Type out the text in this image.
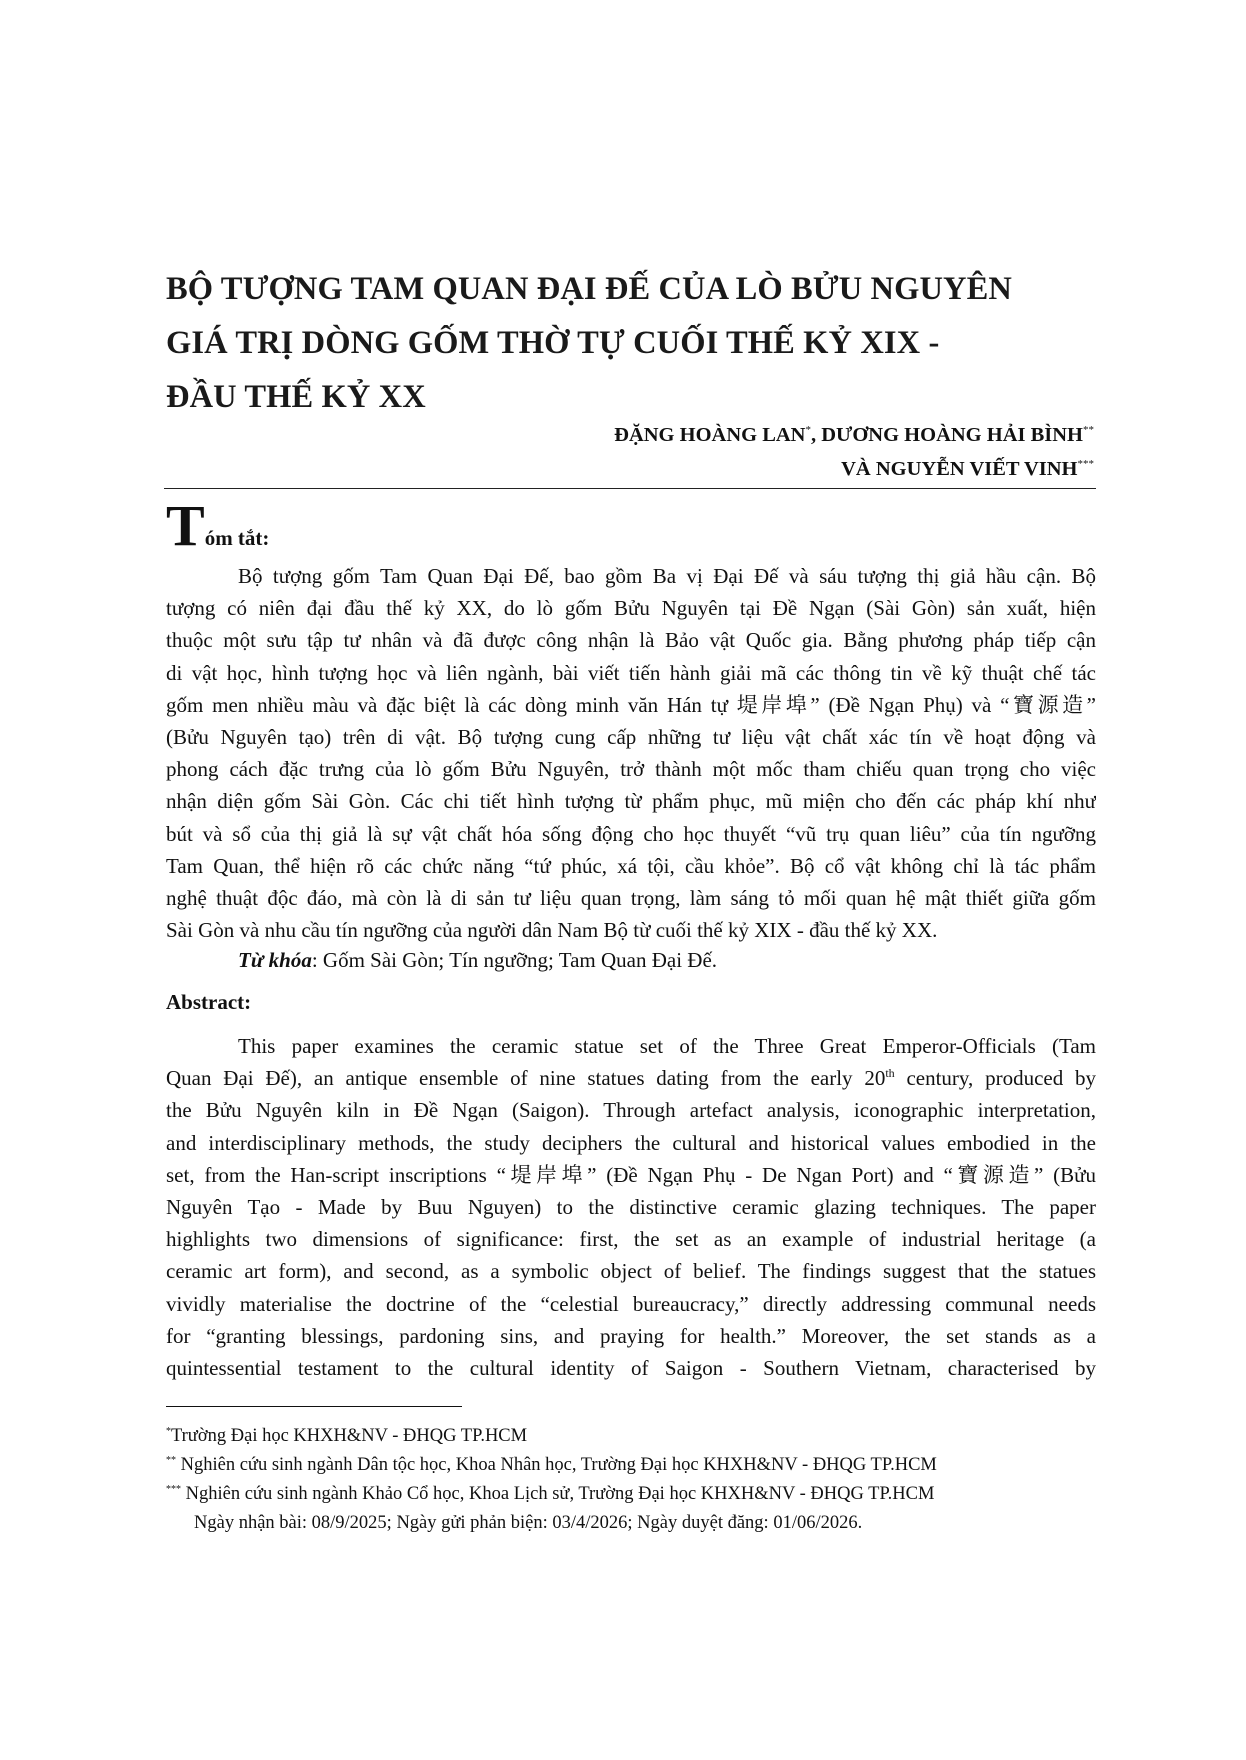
BỘ TƯỢNG TAM QUAN ĐẠI ĐẾ CỦA LÒ BỬU NGUYÊN
GIÁ TRỊ DÒNG GỐM THỜ TỰ CUỐI THẾ KỶ XIX -
ĐẦU THẾ KỶ XX
ĐẶNG HOÀNG LAN*, DƯƠNG HOÀNG HẢI BÌNH**
VÀ NGUYỄN VIẾT VINH***
Tóm tắt:
Bộ tượng gốm Tam Quan Đại Đế, bao gồm Ba vị Đại Đế và sáu tượng thị giả hầu cận. Bộ
tượng có niên đại đầu thế kỷ XX, do lò gốm Bửu Nguyên tại Đề Ngạn (Sài Gòn) sản xuất, hiện
thuộc một sưu tập tư nhân và đã được công nhận là Bảo vật Quốc gia. Bằng phương pháp tiếp cận
di vật học, hình tượng học và liên ngành, bài viết tiến hành giải mã các thông tin về kỹ thuật chế tác
gốm men nhiều màu và đặc biệt là các dòng minh văn Hán tự 堤岸埠” (Đề Ngạn Phụ) và “寶源造”
(Bửu Nguyên tạo) trên di vật. Bộ tượng cung cấp những tư liệu vật chất xác tín về hoạt động và
phong cách đặc trưng của lò gốm Bửu Nguyên, trở thành một mốc tham chiếu quan trọng cho việc
nhận diện gốm Sài Gòn. Các chi tiết hình tượng từ phẩm phục, mũ miện cho đến các pháp khí như
bút và sổ của thị giả là sự vật chất hóa sống động cho học thuyết “vũ trụ quan liêu” của tín ngưỡng
Tam Quan, thể hiện rõ các chức năng “tứ phúc, xá tội, cầu khỏe”. Bộ cổ vật không chỉ là tác phẩm
nghệ thuật độc đáo, mà còn là di sản tư liệu quan trọng, làm sáng tỏ mối quan hệ mật thiết giữa gốm
Sài Gòn và nhu cầu tín ngưỡng của người dân Nam Bộ từ cuối thế kỷ XIX - đầu thế kỷ XX.
Từ khóa: Gốm Sài Gòn; Tín ngưỡng; Tam Quan Đại Đế.
Abstract:
This paper examines the ceramic statue set of the Three Great Emperor-Officials (Tam
Quan Đại Đế), an antique ensemble of nine statues dating from the early 20th century, produced by
the Bửu Nguyên kiln in Đề Ngạn (Saigon). Through artefact analysis, iconographic interpretation,
and interdisciplinary methods, the study deciphers the cultural and historical values embodied in the
set, from the Han-script inscriptions “堤岸埠” (Đề Ngạn Phụ - De Ngan Port) and “寶源造” (Bửu
Nguyên Tạo - Made by Buu Nguyen) to the distinctive ceramic glazing techniques. The paper
highlights two dimensions of significance: first, the set as an example of industrial heritage (a
ceramic art form), and second, as a symbolic object of belief. The findings suggest that the statues
vividly materialise the doctrine of the “celestial bureaucracy,” directly addressing communal needs
for “granting blessings, pardoning sins, and praying for health.” Moreover, the set stands as a
quintessential testament to the cultural identity of Saigon - Southern Vietnam, characterised by
*Trường Đại học KHXH&NV - ĐHQG TP.HCM
** Nghiên cứu sinh ngành Dân tộc học, Khoa Nhân học, Trường Đại học KHXH&NV - ĐHQG TP.HCM
*** Nghiên cứu sinh ngành Khảo Cổ học, Khoa Lịch sử, Trường Đại học KHXH&NV - ĐHQG TP.HCM
Ngày nhận bài: 08/9/2025; Ngày gửi phản biện: 03/4/2026; Ngày duyệt đăng: 01/06/2026.
